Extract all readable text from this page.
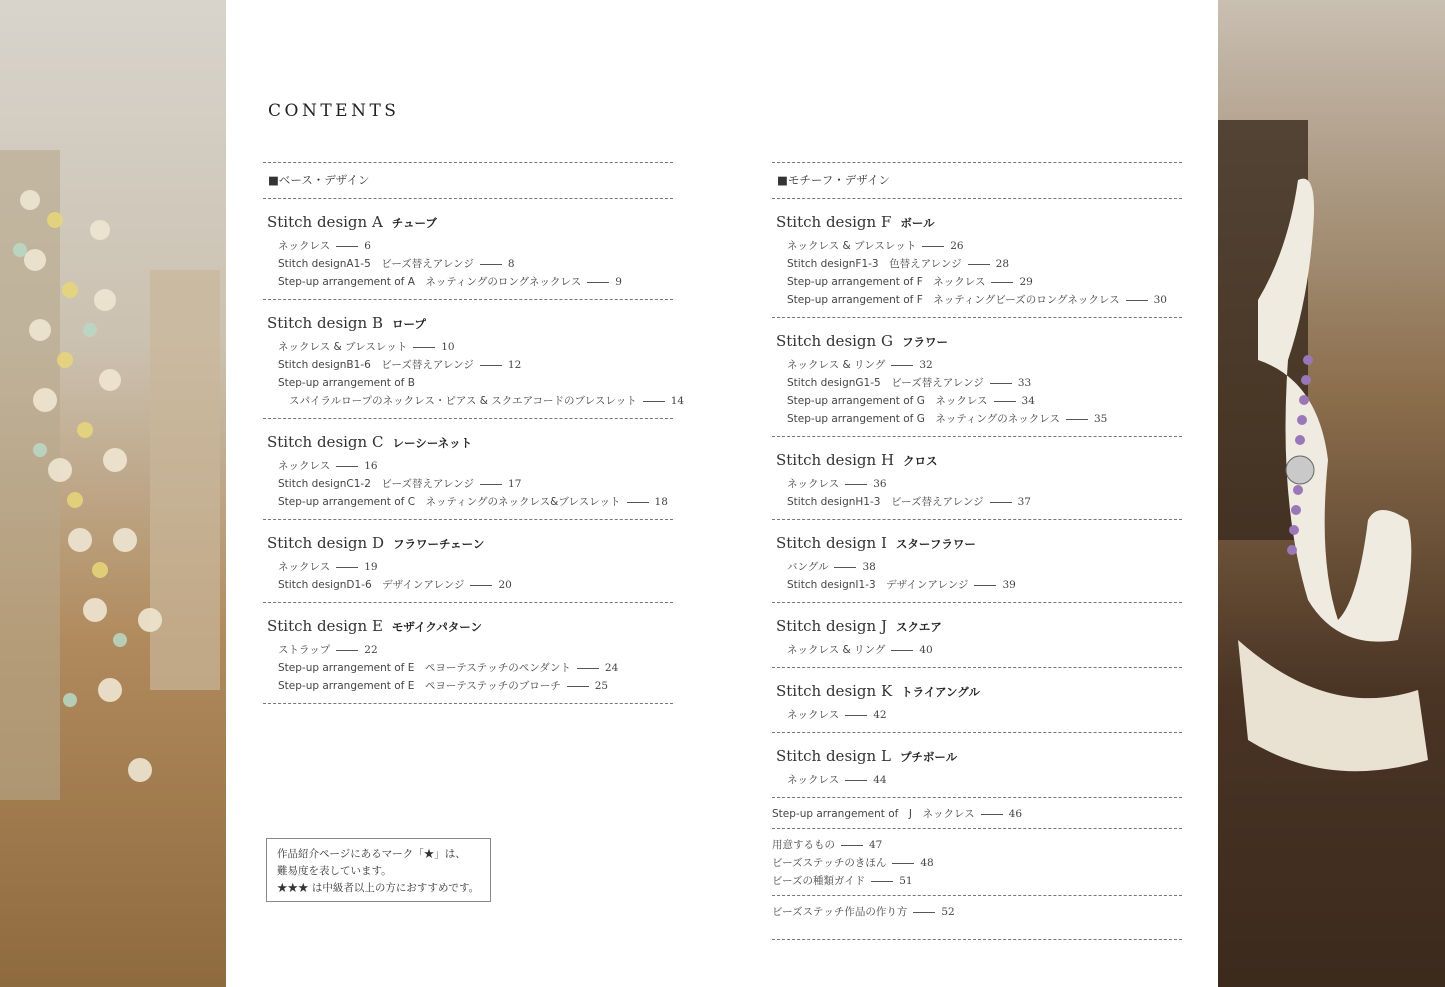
CONTENTS
■ベース・デザイン
Stitch design A チューブ
ネックレス	6
Stitch designA1-5　ビーズ替えアレンジ	8
Step-up arrangement of A　ネッティングのロングネックレス	9
Stitch design B ロープ
ネックレス & ブレスレット	10
Stitch designB1-6　ビーズ替えアレンジ	12
Step-up arrangement of B
スパイラルロープのネックレス・ピアス & スクエアコードのブレスレット	14
Stitch design C レーシーネット
ネックレス	16
Stitch designC1-2　ビーズ替えアレンジ	17
Step-up arrangement of C　ネッティングのネックレス&ブレスレット	18
Stitch design D フラワーチェーン
ネックレス	19
Stitch designD1-6　デザインアレンジ	20
Stitch design E モザイクパターン
ストラップ	22
Step-up arrangement of E　ペヨーテステッチのペンダント	24
Step-up arrangement of E　ペヨーテステッチのブローチ	25
■モチーフ・デザイン
Stitch design F ボール
ネックレス & ブレスレット	26
Stitch designF1-3　色替えアレンジ	28
Step-up arrangement of F　ネックレス	29
Step-up arrangement of F　ネッティングビーズのロングネックレス	30
Stitch design G フラワー
ネックレス & リング	32
Stitch designG1-5　ビーズ替えアレンジ	33
Step-up arrangement of G　ネックレス	34
Step-up arrangement of G　ネッティングのネックレス	35
Stitch design H クロス
ネックレス	36
Stitch designH1-3　ビーズ替えアレンジ	37
Stitch design I スターフラワー
バングル	38
Stitch designI1-3　デザインアレンジ	39
Stitch design J スクエア
ネックレス & リング	40
Stitch design K トライアングル
ネックレス	42
Stitch design L プチボール
ネックレス	44
Step-up arrangement of　J　ネックレス	46
用意するもの	47
ビーズステッチのきほん	48
ビーズの種類ガイド	51
ビーズステッチ作品の作り方	52
作品紹介ページにあるマーク「★」は、
難易度を表しています。
★★★ は中級者以上の方におすすめです。
